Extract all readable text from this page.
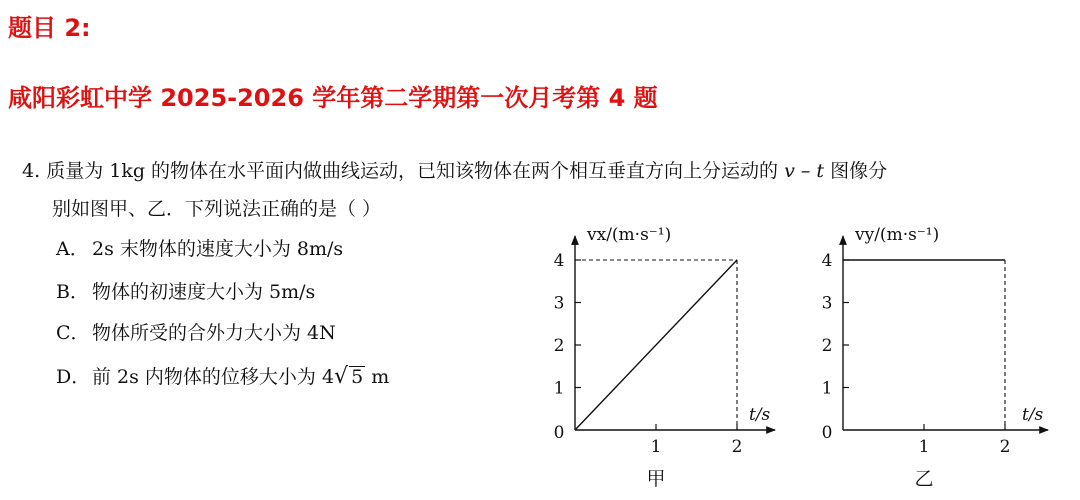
题目 2:
咸阳彩虹中学 2025-2026 学年第二学期第一次月考第 4 题
4. 质量为 1kg 的物体在水平面内做曲线运动，已知该物体在两个相互垂直方向上分运动的 v – t 图像分
别如图甲、乙．下列说法正确的是（ ）
A． 2s 末物体的速度大小为 8m/s
B． 物体的初速度大小为 5m/s
C． 物体所受的合外力大小为 4N
D．前 2s 内物体的位移大小为 4√ 5 m
0
1
2
3
4
1	2
vx/(m·s⁻¹)
t/s
甲
0
1
2
3
4
1	2
vy/(m·s⁻¹)
t/s
乙
